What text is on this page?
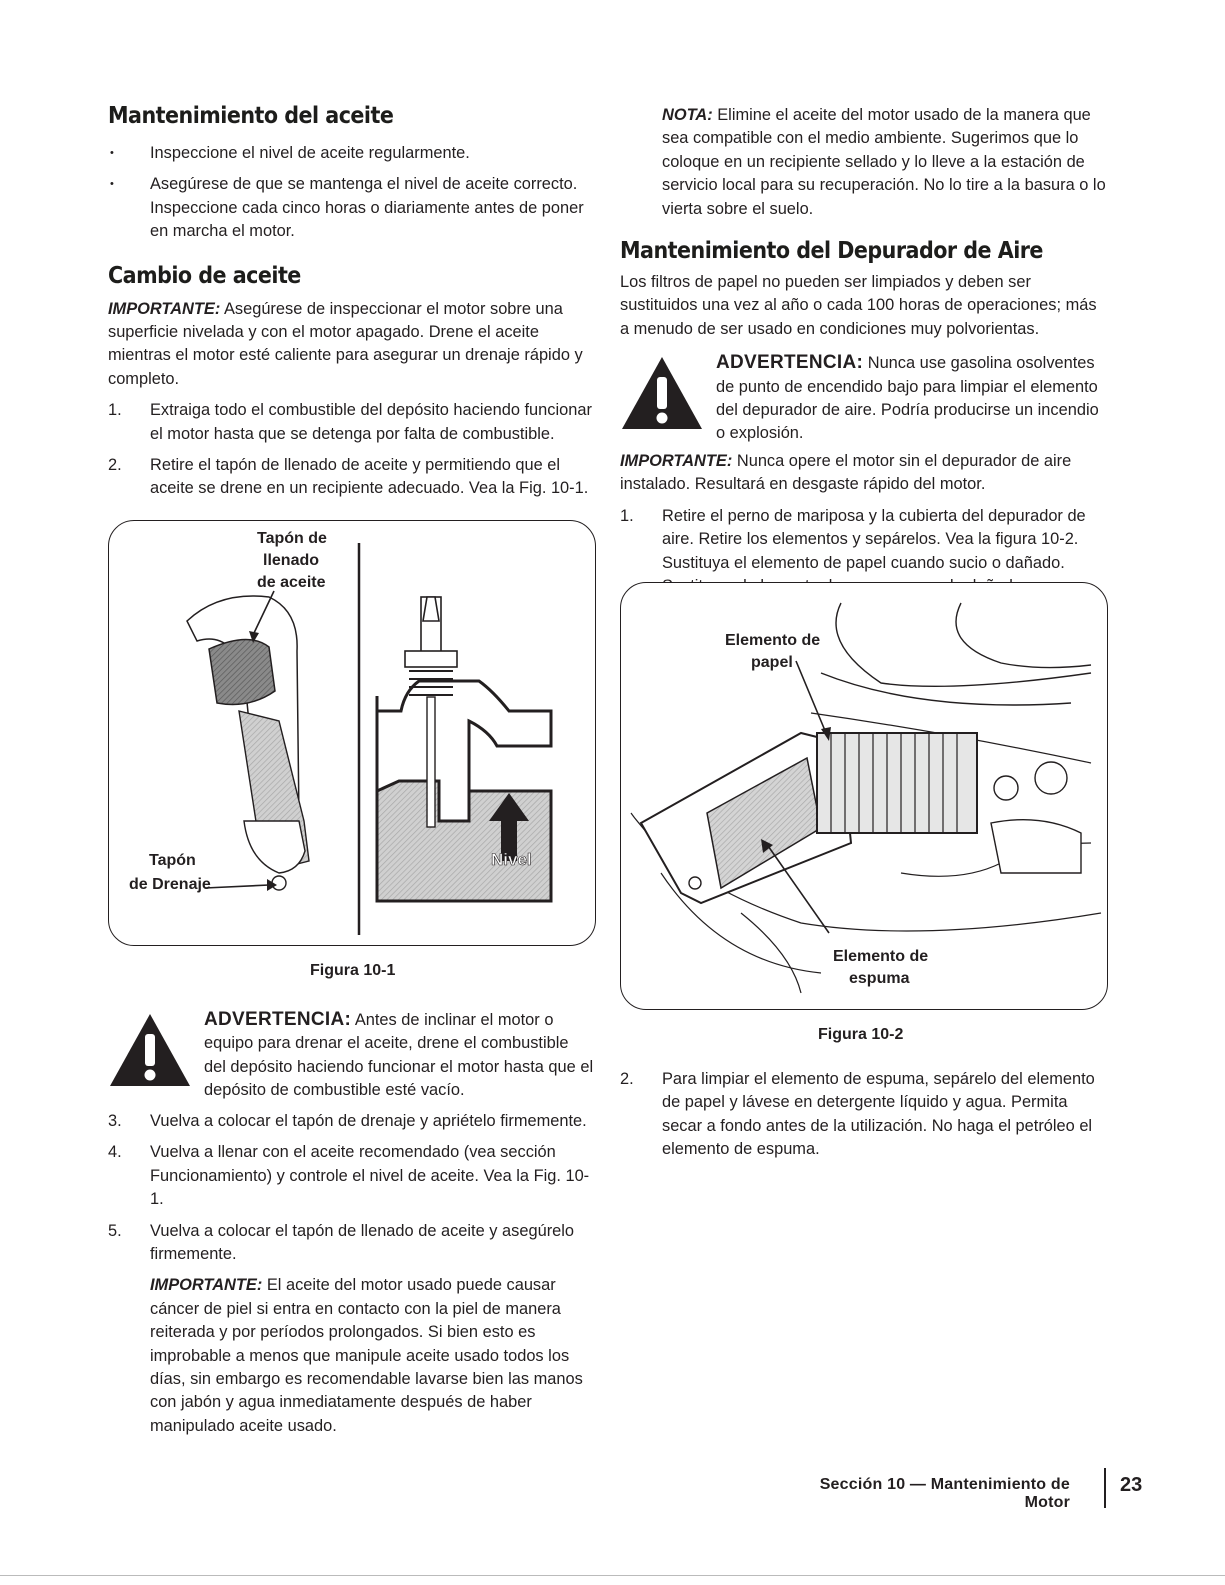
Mantenimiento del aceite
• Inspeccione el nivel de aceite regularmente.
• Asegúrese de que se mantenga el nivel de aceite correcto. Inspeccione cada cinco horas o diariamente antes de poner en marcha el motor.
Cambio de aceite

IMPORTANTE: Asegúrese de inspeccionar el motor sobre una superficie nivelada y con el motor apagado. Drene el aceite mientras el motor esté caliente para asegurar un drenaje rápido y completo.

1. Extraiga todo el combustible del depósito haciendo funcionar el motor hasta que se detenga por falta de combustible.
2. Retire el tapón de llenado de aceite y permitiendo que el aceite se drene en un recipiente adecuado. Vea la Fig. 10-1.
Nivel
Tapón de
llenado
de aceite
Tapón
de Drenaje
Figura 10-1

ADVERTENCIA: Antes de inclinar el motor o equipo para drenar el aceite, drene el combustible del depósito haciendo funcionar el motor hasta que el depósito de combustible esté vacío.

3. Vuelva a colocar el tapón de drenaje y apriételo firmemente.
4. Vuelva a llenar con el aceite recomendado (vea sección Funcionamiento) y controle el nivel de aceite. Vea la Fig. 10-1.
5. Vuelva a colocar el tapón de llenado de aceite y asegúrelo firmemente.

IMPORTANTE: El aceite del motor usado puede causar cáncer de piel si entra en contacto con la piel de manera reiterada y por períodos prolongados. Si bien esto es improbable a menos que manipule aceite usado todos los días, sin embargo es recomendable lavarse bien las manos con jabón y agua inmediatamente después de haber manipulado aceite usado.

NOTA: Elimine el aceite del motor usado de la manera que sea compatible con el medio ambiente. Sugerimos que lo coloque en un recipiente sellado y lo lleve a la estación de servicio local para su recuperación. No lo tire a la basura o lo vierta sobre el suelo.

Mantenimiento del Depurador de Aire

Los filtros de papel no pueden ser limpiados y deben ser sustituidos una vez al año o cada 100 horas de operaciones; más a menudo de ser usado en condiciones muy polvorientas.

ADVERTENCIA: Nunca use gasolina osolventes de punto de encendido bajo para limpiar el elemento del depurador de aire. Podría producirse un incendio o explosión.

IMPORTANTE: Nunca opere el motor sin el depurador de aire instalado. Resultará en desgaste rápido del motor.

1. Retire el perno de mariposa y la cubierta del depurador de aire. Retire los elementos y sepárelos. Vea la figura 10-2. Sustituya el elemento de papel cuando sucio o dañado.
Elemento de
papel
Elemento de
espuma
Figura 10-2
2. Para limpiar el elemento de espuma, sepárelo del elemento de papel y lávese en detergente líquido y agua. Permita secar a fondo antes de la utilización. No haga el petróleo el elemento de espuma.
Sección 10 — Mantenimiento de Motor
23
